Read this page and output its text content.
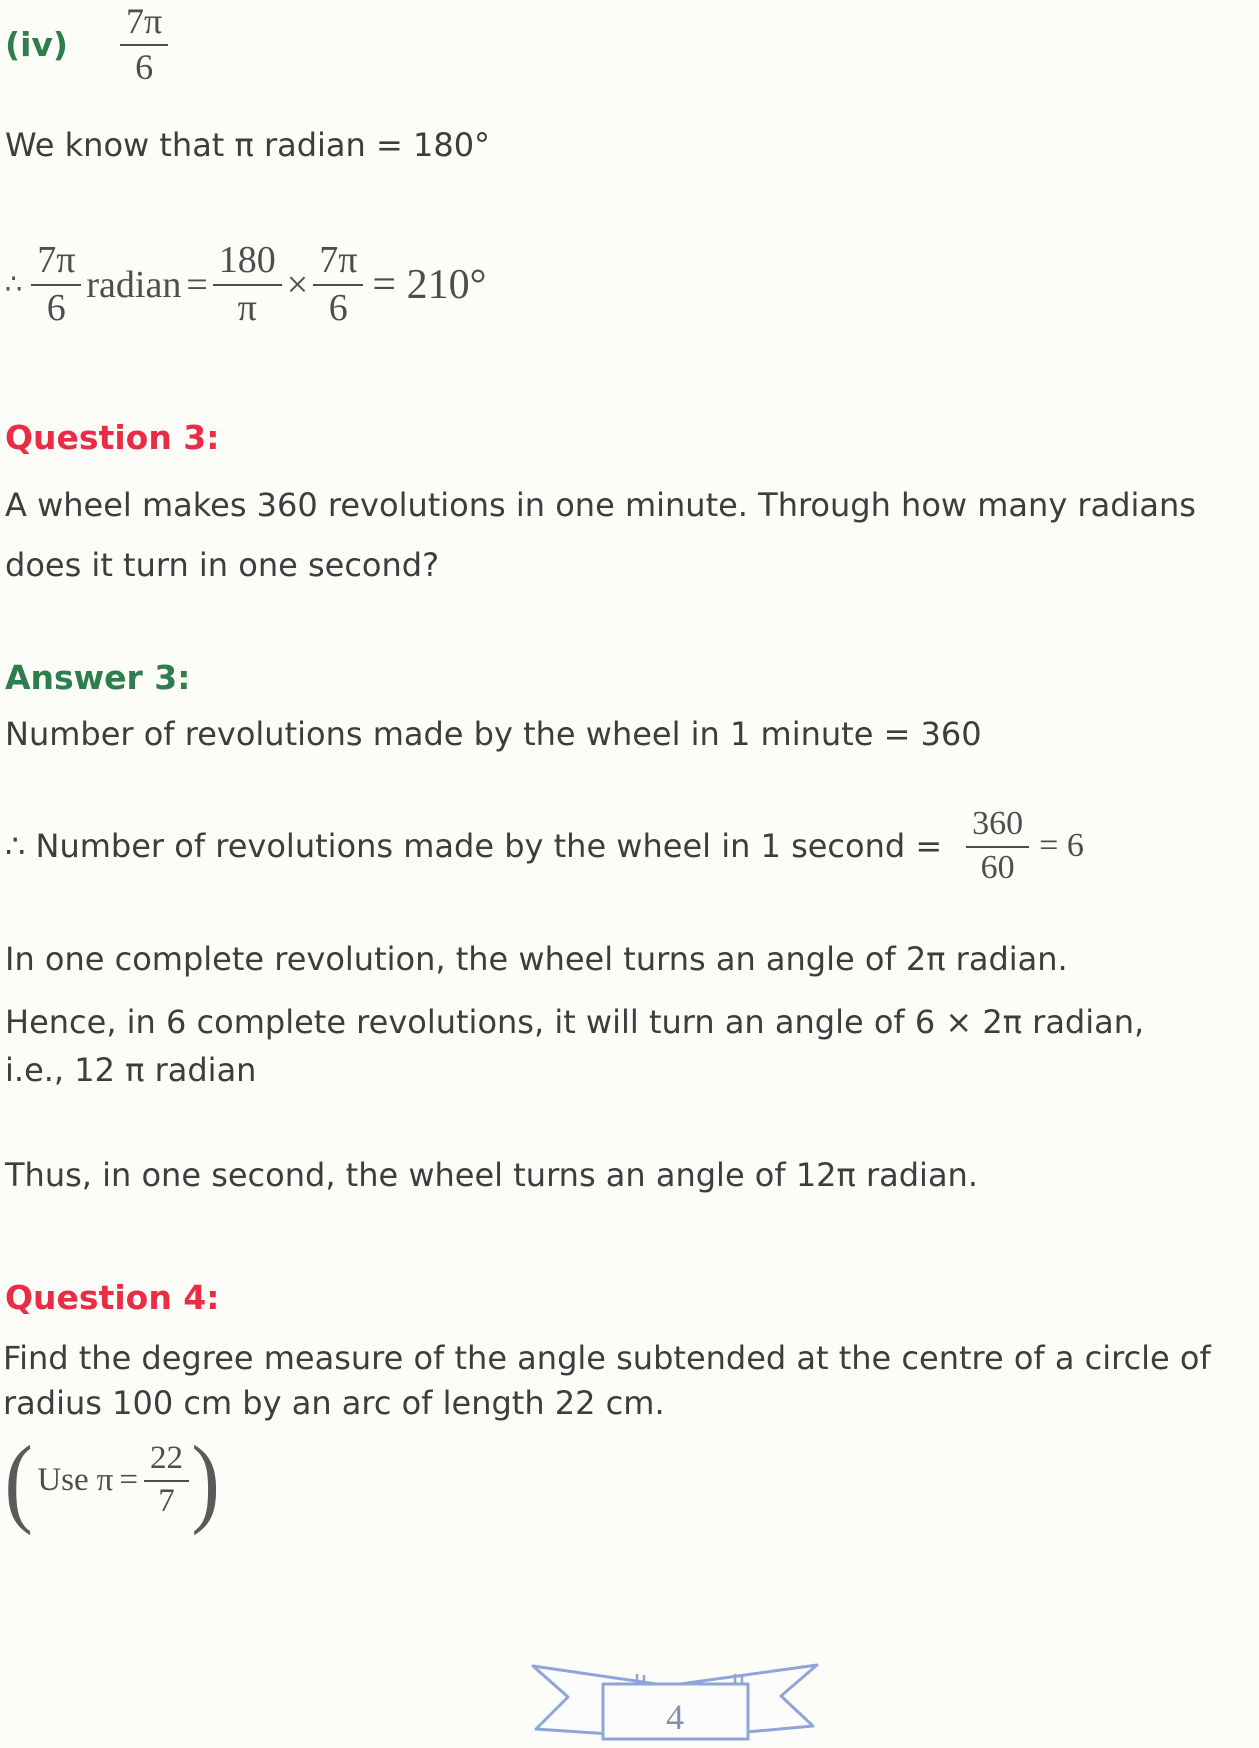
$(iv) \frac{7\pi}{6}$
We know that π radian = 180°
∴ $\frac{7\pi}{6}$ radian = $\frac{180}{\pi} \times \frac{7\pi}{6} = 210^\circ$
Question 3:
A wheel makes 360 revolutions in one minute. Through how many radians
does it turn in one second?
Answer 3:
Number of revolutions made by the wheel in 1 minute = 360
∴ Number of revolutions made by the wheel in 1 second = $\frac{360}{60} = 6$
In one complete revolution, the wheel turns an angle of 2π radian.
Hence, in 6 complete revolutions, it will turn an angle of 6 × 2π radian,
i.e., 12 π radian
Thus, in one second, the wheel turns an angle of 12π radian.
Question 4:
Find the degree measure of the angle subtended at the centre of a circle of
radius 100 cm by an arc of length 22 cm.
( Use $\pi = \frac{22}{7}$ )
4
